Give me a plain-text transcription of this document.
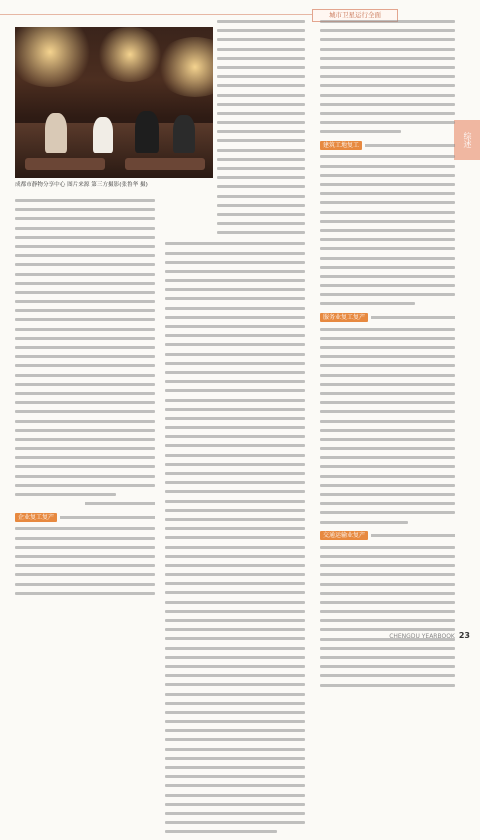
城市卫星运行全面
综述
成都市静物分享中心 图片来源 第三方摄影(张鲁华 摄)
企业复工复产
建筑工地复工
服务业复工复产
交通运输业复产
CHENGDU YEARBOOK 23
